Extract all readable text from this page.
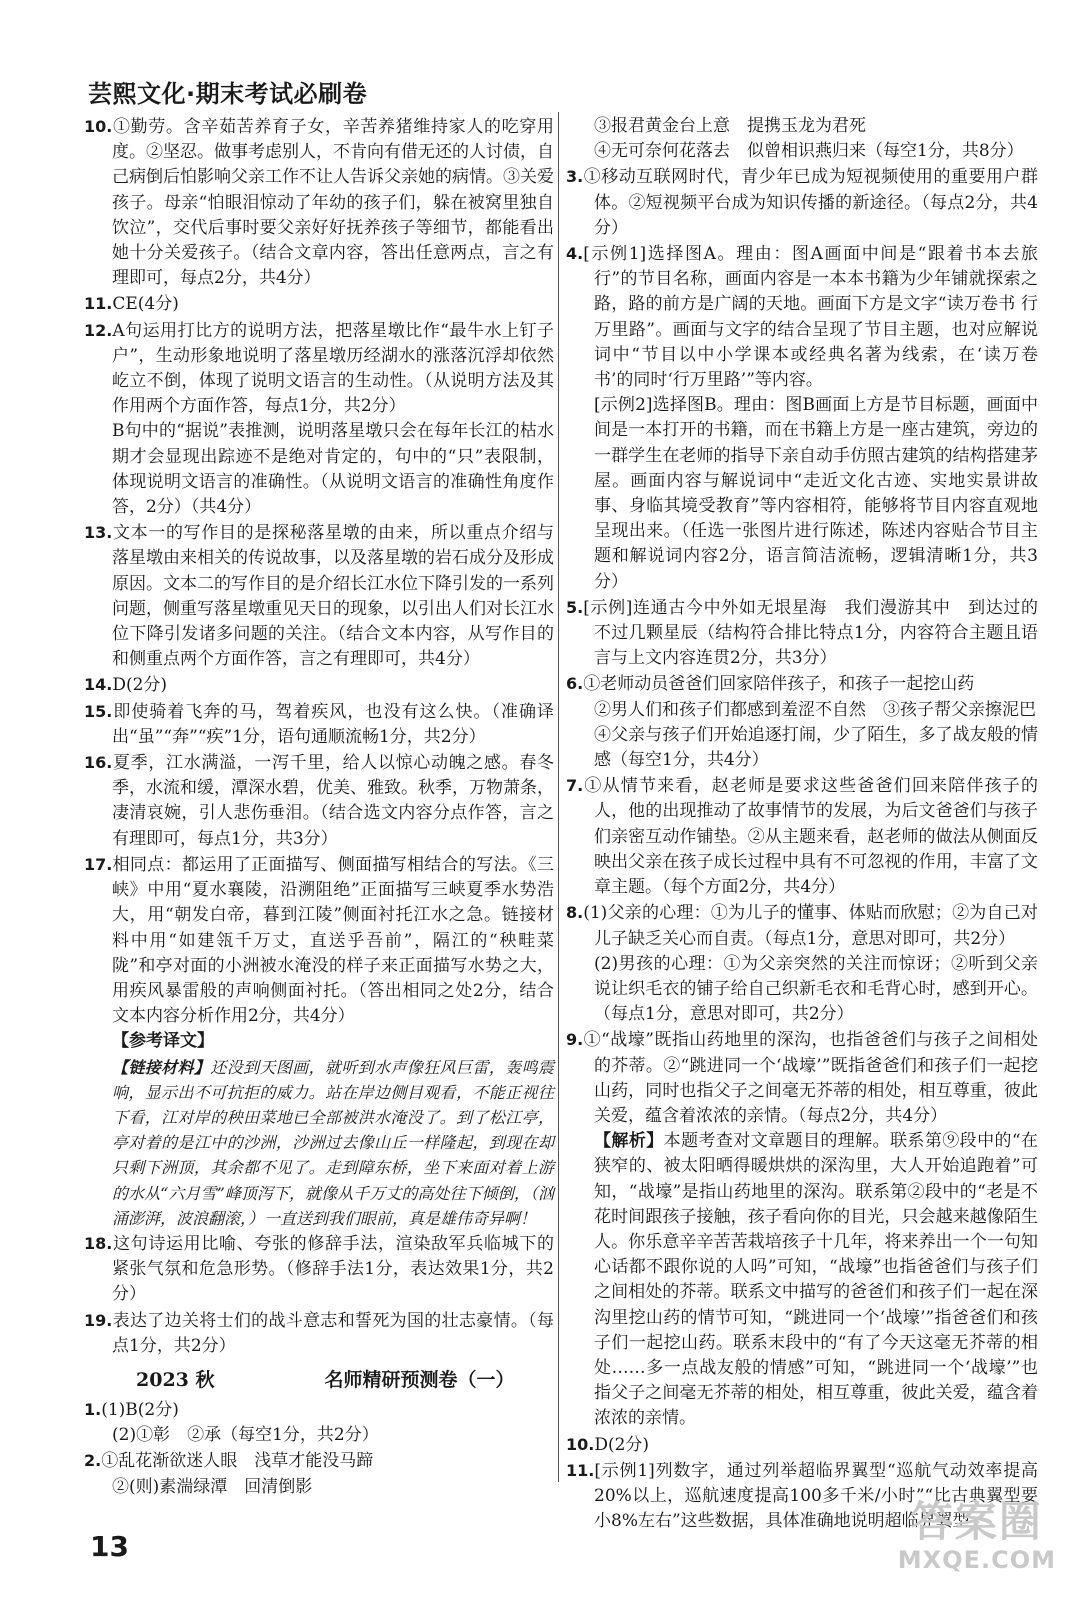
芸熙文化·期末考试必刷卷

10.①勤劳。含辛茹苦养育子女，辛苦养猪维持家人的吃穿用度。②坚忍。做事考虑别人，不肯向有借无还的人讨债，自己病倒后怕影响父亲工作不让人告诉父亲她的病情。③关爱孩子。母亲“怕眼泪惊动了年幼的孩子们，躲在被窝里独自饮泣”，交代后事时要父亲好好抚养孩子等细节，都能看出她十分关爱孩子。（结合文章内容，答出任意两点，言之有理即可，每点2分，共4分）

11.CE(4分)

12.A句运用打比方的说明方法，把落星墩比作“最牛水上钉子户”，生动形象地说明了落星墩历经湖水的涨落沉浮却依然屹立不倒，体现了说明文语言的生动性。（从说明方法及其作用两个方面作答，每点1分，共2分）

B句中的“据说”表推测，说明落星墩只会在每年长江的枯水期才会显现出踪迹不是绝对肯定的，句中的“只”表限制，体现说明文语言的准确性。（从说明文语言的准确性角度作答，2分）（共4分）

13.文本一的写作目的是探秘落星墩的由来，所以重点介绍与落星墩由来相关的传说故事，以及落星墩的岩石成分及形成原因。文本二的写作目的是介绍长江水位下降引发的一系列问题，侧重写落星墩重见天日的现象，以引出人们对长江水位下降引发诸多问题的关注。（结合文本内容，从写作目的和侧重点两个方面作答，言之有理即可，共4分）

14.D(2分)

15.即使骑着飞奔的马，驾着疾风，也没有这么快。（准确译出“虽”“奔”“疾”1分，语句通顺流畅1分，共2分）

16.夏季，江水满溢，一泻千里，给人以惊心动魄之感。春冬季，水流和缓，潭深水碧，优美、雅致。秋季，万物萧条，凄清哀婉，引人悲伤垂泪。（结合选文内容分点作答，言之有理即可，每点1分，共3分）

17.相同点：都运用了正面描写、侧面描写相结合的写法。《三峡》中用“夏水襄陵，沿溯阻绝”正面描写三峡夏季水势浩大，用“朝发白帝，暮到江陵”侧面衬托江水之急。链接材料中用“如建瓴千万丈，直送乎吾前”，隔江的“秧畦菜陇”和亭对面的小洲被水淹没的样子来正面描写水势之大，用疾风暴雷般的声响侧面衬托。（答出相同之处2分，结合文本内容分析作用2分，共4分）

【参考译文】

【链接材料】还没到天图画，就听到水声像狂风巨雷，轰鸣震响，显示出不可抗拒的威力。站在岸边侧目观看，不能正视往下看，江对岸的秧田菜地已全部被洪水淹没了。到了松江亭，亭对着的是江中的沙洲，沙洲过去像山丘一样隆起，到现在却只剩下洲顶，其余都不见了。走到障东桥，坐下来面对着上游的水从“六月雪”峰顶泻下，就像从千万丈的高处往下倾倒，（汹涌澎湃，波浪翻滚，）一直送到我们眼前，真是雄伟奇异啊！

18.这句诗运用比喻、夸张的修辞手法，渲染敌军兵临城下的紧张气氛和危急形势。（修辞手法1分，表达效果1分，共2分）

19.表达了边关将士们的战斗意志和誓死为国的壮志豪情。（每点1分，共2分）

2023 秋	名师精研预测卷（一）

1.(1)B(2分)

(2)①彰　②承（每空1分，共2分）

2.①乱花渐欲迷人眼　浅草才能没马蹄

②(则)素湍绿潭　回清倒影

③报君黄金台上意　提携玉龙为君死

④无可奈何花落去　似曾相识燕归来（每空1分，共8分）

3.①移动互联网时代，青少年已成为短视频使用的重要用户群体。②短视频平台成为知识传播的新途径。（每点2分，共4分）

4.[示例1]选择图A。理由：图A画面中间是“跟着书本去旅行”的节目名称，画面内容是一本本书籍为少年铺就探索之路，路的前方是广阔的天地。画面下方是文字“读万卷书 行万里路”。画面与文字的结合呈现了节目主题，也对应解说词中“节目以中小学课本或经典名著为线索，在‘读万卷书’的同时‘行万里路’”等内容。

[示例2]选择图B。理由：图B画面上方是节目标题，画面中间是一本打开的书籍，而在书籍上方是一座古建筑，旁边的一群学生在老师的指导下亲自动手仿照古建筑的结构搭建茅屋。画面内容与解说词中“走近文化古迹、实地实景讲故事、身临其境受教育”等内容相符，能够将节目内容直观地呈现出来。（任选一张图片进行陈述，陈述内容贴合节目主题和解说词内容2分，语言简洁流畅，逻辑清晰1分，共3分）

5.[示例]连通古今中外如无垠星海　我们漫游其中　到达过的不过几颗星辰（结构符合排比特点1分，内容符合主题且语言与上文内容连贯2分，共3分）

6.①老师动员爸爸们回家陪伴孩子，和孩子一起挖山药

②男人们和孩子们都感到羞涩不自然　③孩子帮父亲擦泥巴

④父亲与孩子们开始追逐打闹，少了陌生，多了战友般的情感（每空1分，共4分）

7.①从情节来看，赵老师是要求这些爸爸们回来陪伴孩子的人，他的出现推动了故事情节的发展，为后文爸爸们与孩子们亲密互动作铺垫。②从主题来看，赵老师的做法从侧面反映出父亲在孩子成长过程中具有不可忽视的作用，丰富了文章主题。（每个方面2分，共4分）

8.(1)父亲的心理：①为儿子的懂事、体贴而欣慰；②为自己对儿子缺乏关心而自责。（每点1分，意思对即可，共2分）

(2)男孩的心理：①为父亲突然的关注而惊讶；②听到父亲说让织毛衣的铺子给自己织新毛衣和毛背心时，感到开心。（每点1分，意思对即可，共2分）

9.①“战壕”既指山药地里的深沟，也指爸爸们与孩子之间相处的芥蒂。②“跳进同一个‘战壕’”既指爸爸们和孩子们一起挖山药，同时也指父子之间毫无芥蒂的相处，相互尊重，彼此关爱，蕴含着浓浓的亲情。（每点2分，共4分）

【解析】本题考查对文章题目的理解。联系第⑨段中的“在狭窄的、被太阳晒得暖烘烘的深沟里，大人开始追跑着”可知，“战壕”是指山药地里的深沟。联系第②段中的“老是不花时间跟孩子接触，孩子看向你的目光，只会越来越像陌生人。你乐意辛辛苦苦栽培孩子十几年，将来养出一个一句知心话都不跟你说的人吗”可知，“战壕”也指爸爸们与孩子们之间相处的芥蒂。联系文中描写的爸爸们和孩子们一起在深沟里挖山药的情节可知，“跳进同一个‘战壕’”指爸爸们和孩子们一起挖山药。联系末段中的“有了今天这毫无芥蒂的相处……多一点战友般的情感”可知，“跳进同一个‘战壕’”也指父子之间毫无芥蒂的相处，相互尊重，彼此关爱，蕴含着浓浓的亲情。

10.D(2分)

11.[示例1]列数字，通过列举超临界翼型“巡航气动效率提高20%以上，巡航速度提高100多千米/小时”“比古典翼型要小8%左右”这些数据，具体准确地说明超临界翼型

13
答案圈
MXQE.COM
